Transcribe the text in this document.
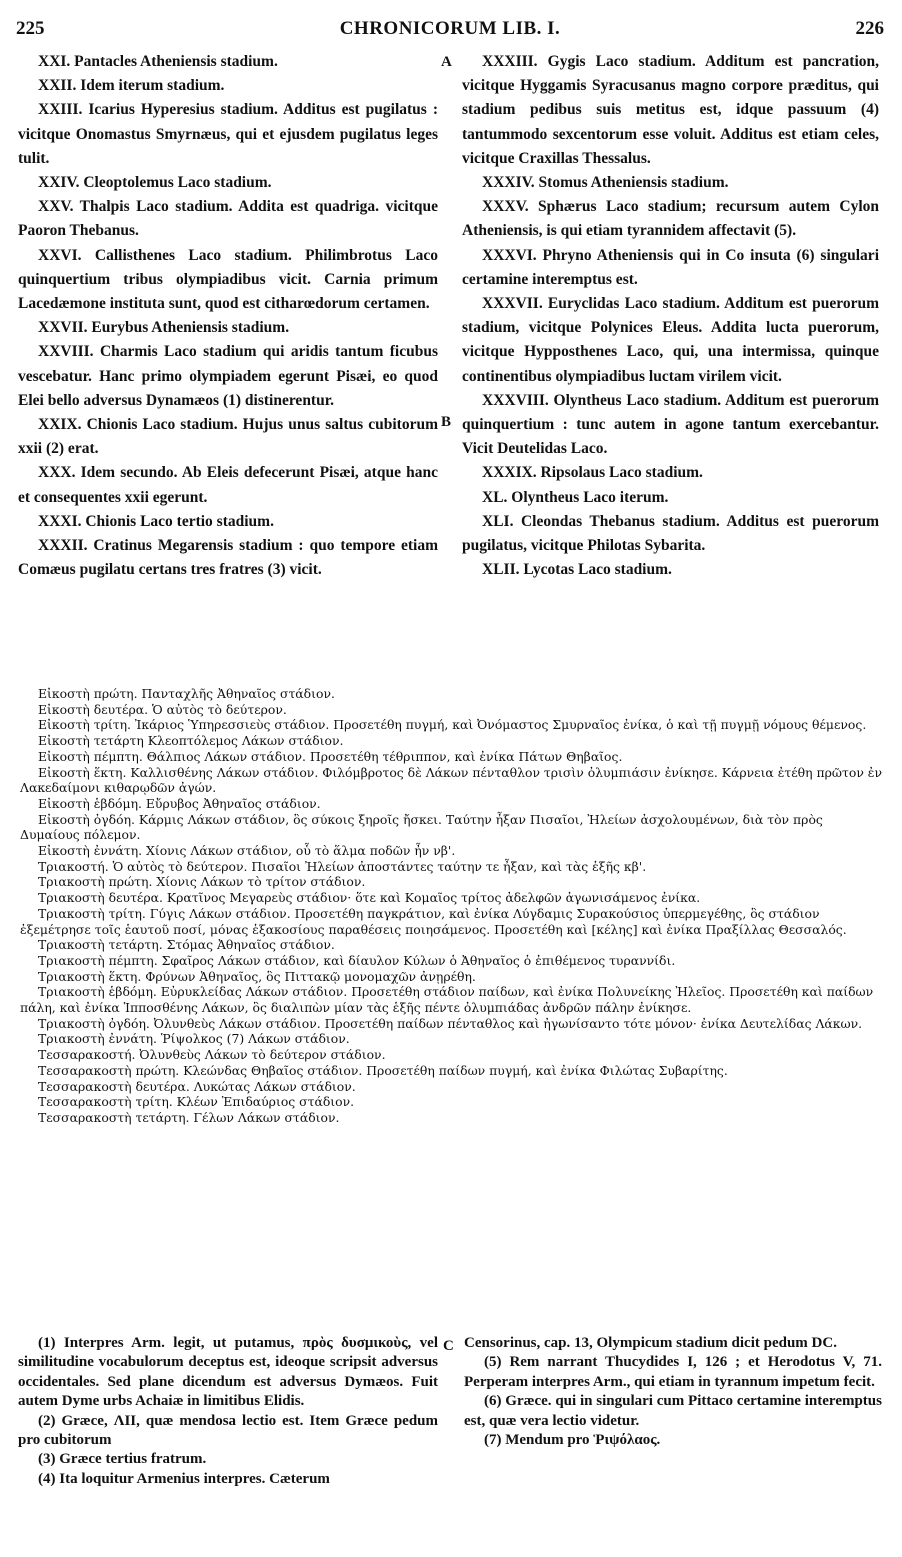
225	CHRONICORUM LIB. I.	226
A
B
C

XXI. Pantacles Atheniensis stadium.

XXII. Idem iterum stadium.

XXIII. Icarius Hyperesius stadium. Additus est pugilatus : vicitque Onomastus Smyrnæus, qui et ejusdem pugilatus leges tulit.

XXIV. Cleoptolemus Laco stadium.

XXV. Thalpis Laco stadium. Addita est quadriga. vicitque Paoron Thebanus.

XXVI. Callisthenes Laco stadium. Philimbrotus Laco quinquertium tribus olympiadibus vicit. Carnia primum Lacedæmone instituta sunt, quod est citharœdorum certamen.

XXVII. Eurybus Atheniensis stadium.

XXVIII. Charmis Laco stadium qui aridis tantum ficubus vescebatur. Hanc primo olympiadem egerunt Pisæi, eo quod Elei bello adversus Dynamæos (1) distinerentur.

XXIX. Chionis Laco stadium. Hujus unus saltus cubitorum xxii (2) erat.

XXX. Idem secundo. Ab Eleis defecerunt Pisæi, atque hanc et consequentes xxii egerunt.

XXXI. Chionis Laco tertio stadium.

XXXII. Cratinus Megarensis stadium : quo tempore etiam Comæus pugilatu certans tres fratres (3) vicit.

XXXIII. Gygis Laco stadium. Additum est pancration, vicitque Hyggamis Syracusanus magno corpore præditus, qui stadium pedibus suis metitus est, idque passuum (4) tantummodo sexcentorum esse voluit. Additus est etiam celes, vicitque Craxillas Thessalus.

XXXIV. Stomus Atheniensis stadium.

XXXV. Sphærus Laco stadium; recursum autem Cylon Atheniensis, is qui etiam tyrannidem affectavit (5).

XXXVI. Phryno Atheniensis qui in Co insuta (6) singulari certamine interemptus est.

XXXVII. Euryclidas Laco stadium. Additum est puerorum stadium, vicitque Polynices Eleus. Addita lucta puerorum, vicitque Hypposthenes Laco, qui, una intermissa, quinque continentibus olympiadibus luctam virilem vicit.

XXXVIII. Olyntheus Laco stadium. Additum est puerorum quinquertium : tunc autem in agone tantum exercebantur. Vicit Deutelidas Laco.

XXXIX. Ripsolaus Laco stadium.

XL. Olyntheus Laco iterum.

XLI. Cleondas Thebanus stadium. Additus est puerorum pugilatus, vicitque Philotas Sybarita.

XLII. Lycotas Laco stadium.

Εἰκοστὴ πρώτη. Πανταχλῆς Ἀθηναῖος στάδιον.

Εἰκοστὴ δευτέρα. Ὁ αὐτὸς τὸ δεύτερον.

Εἰκοστὴ τρίτη. Ἰκάριος Ὑπηρεσσιεὺς στάδιον. Προσετέθη πυγμή, καὶ Ὀνόμαστος Σμυρναῖος ἐνίκα, ὁ καὶ τῇ πυγμῇ νόμους θέμενος.

Εἰκοστὴ τετάρτη Κλεοπτόλεμος Λάκων στάδιον.

Εἰκοστὴ πέμπτη. Θάλπιος Λάκων στάδιον. Προσετέθη τέθριππον, καὶ ἐνίκα Πάτων Θηβαῖος.

Εἰκοστὴ ἕκτη. Καλλισθένης Λάκων στάδιον. Φιλόμβροτος δὲ Λάκων πένταθλον τρισὶν ὀλυμπιάσιν ἐνίκησε. Κάρνεια ἐτέθη πρῶτον ἐν Λακεδαίμονι κιθαρῳδῶν ἀγών.

Εἰκοστὴ ἑβδόμη. Εὔρυβος Ἀθηναῖος στάδιον.

Εἰκοστὴ ὀγδόη. Κάρμις Λάκων στάδιον, ὃς σύκοις ξηροῖς ἤσκει. Ταύτην ἦξαν Πισαῖοι, Ἠλείων ἀσχολουμένων, διὰ τὸν πρὸς Δυμαίους πόλεμον.

Εἰκοστὴ ἐννάτη. Χίονις Λάκων στάδιον, οὗ τὸ ἅλμα ποδῶν ἦν νβ'.

Τριακοστή. Ὁ αὐτὸς τὸ δεύτερον. Πισαῖοι Ἠλείων ἀποστάντες ταύτην τε ἦξαν, καὶ τὰς ἑξῆς κβ'.

Τριακοστὴ πρώτη. Χίονις Λάκων τὸ τρίτον στάδιον.

Τριακοστὴ δευτέρα. Κρατῖνος Μεγαρεὺς στάδιον· ὅτε καὶ Κομαῖος τρίτος ἀδελφῶν ἀγωνισάμενος ἐνίκα.

Τριακοστὴ τρίτη. Γύγις Λάκων στάδιον. Προσετέθη παγκράτιον, καὶ ἐνίκα Λύγδαμις Συρακούσιος ὑπερμεγέθης, ὃς στάδιον ἐξεμέτρησε τοῖς ἑαυτοῦ ποσί, μόνας ἑξακοσίους παραθέσεις ποιησάμενος. Προσετέθη καὶ [κέλης] καὶ ἐνίκα Πραξίλλας Θεσσαλός.

Τριακοστὴ τετάρτη. Στόμας Ἀθηναῖος στάδιον.

Τριακοστὴ πέμπτη. Σφαῖρος Λάκων στάδιον, καὶ δίαυλον Κύλων ὁ Ἀθηναῖος ὁ ἐπιθέμενος τυραννίδι.

Τριακοστὴ ἕκτη. Φρύνων Ἀθηναῖος, ὃς Πιττακῷ μονομαχῶν ἀνῃρέθη.

Τριακοστὴ ἑβδόμη. Εὐρυκλείδας Λάκων στάδιον. Προσετέθη στάδιον παίδων, καὶ ἐνίκα Πολυνείκης Ἠλεῖος. Προσετέθη καὶ παίδων πάλη, καὶ ἐνίκα Ἱπποσθένης Λάκων, ὃς διαλιπὼν μίαν τὰς ἑξῆς πέντε ὀλυμπιάδας ἀνδρῶν πάλην ἐνίκησε.

Τριακοστὴ ὀγδόη. Ὀλυνθεὺς Λάκων στάδιον. Προσετέθη παίδων πένταθλος καὶ ἠγωνίσαντο τότε μόνον· ἐνίκα Δευτελίδας Λάκων.

Τριακοστὴ ἐννάτη. Ῥίψολκος (7) Λάκων στάδιον.

Τεσσαρακοστή. Ὀλυνθεὺς Λάκων τὸ δεύτερον στάδιον.

Τεσσαρακοστὴ πρώτη. Κλεώνδας Θηβαῖος στάδιον. Προσετέθη παίδων πυγμή, καὶ ἐνίκα Φιλώτας Συβαρίτης.

Τεσσαρακοστὴ δευτέρα. Λυκώτας Λάκων στάδιον.

Τεσσαρακοστὴ τρίτη. Κλέων Ἐπιδαύριος στάδιον.

Τεσσαρακοστὴ τετάρτη. Γέλων Λάκων στάδιον.

(1) Interpres Arm. legit, ut putamus, πρὸς δυσμικοὺς, vel similitudine vocabulorum deceptus est, ideoque scripsit adversus occidentales. Sed plane dicendum est adversus Dymæos. Fuit autem Dyme urbs Achaiæ in limitibus Elidis.

(2) Græce, ΛΙΙ, quæ mendosa lectio est. Item Græce pedum pro cubitorum

(3) Græce tertius fratrum.

(4) Ita loquitur Armenius interpres. Cæterum

Censorinus, cap. 13, Olympicum stadium dicit pedum DC.

(5) Rem narrant Thucydides I, 126 ; et Herodotus V, 71. Perperam interpres Arm., qui etiam in tyrannum impetum fecit.

(6) Græce. qui in singulari cum Pittaco certamine interemptus est, quæ vera lectio videtur.

(7) Mendum pro Ῥιψόλαος.
